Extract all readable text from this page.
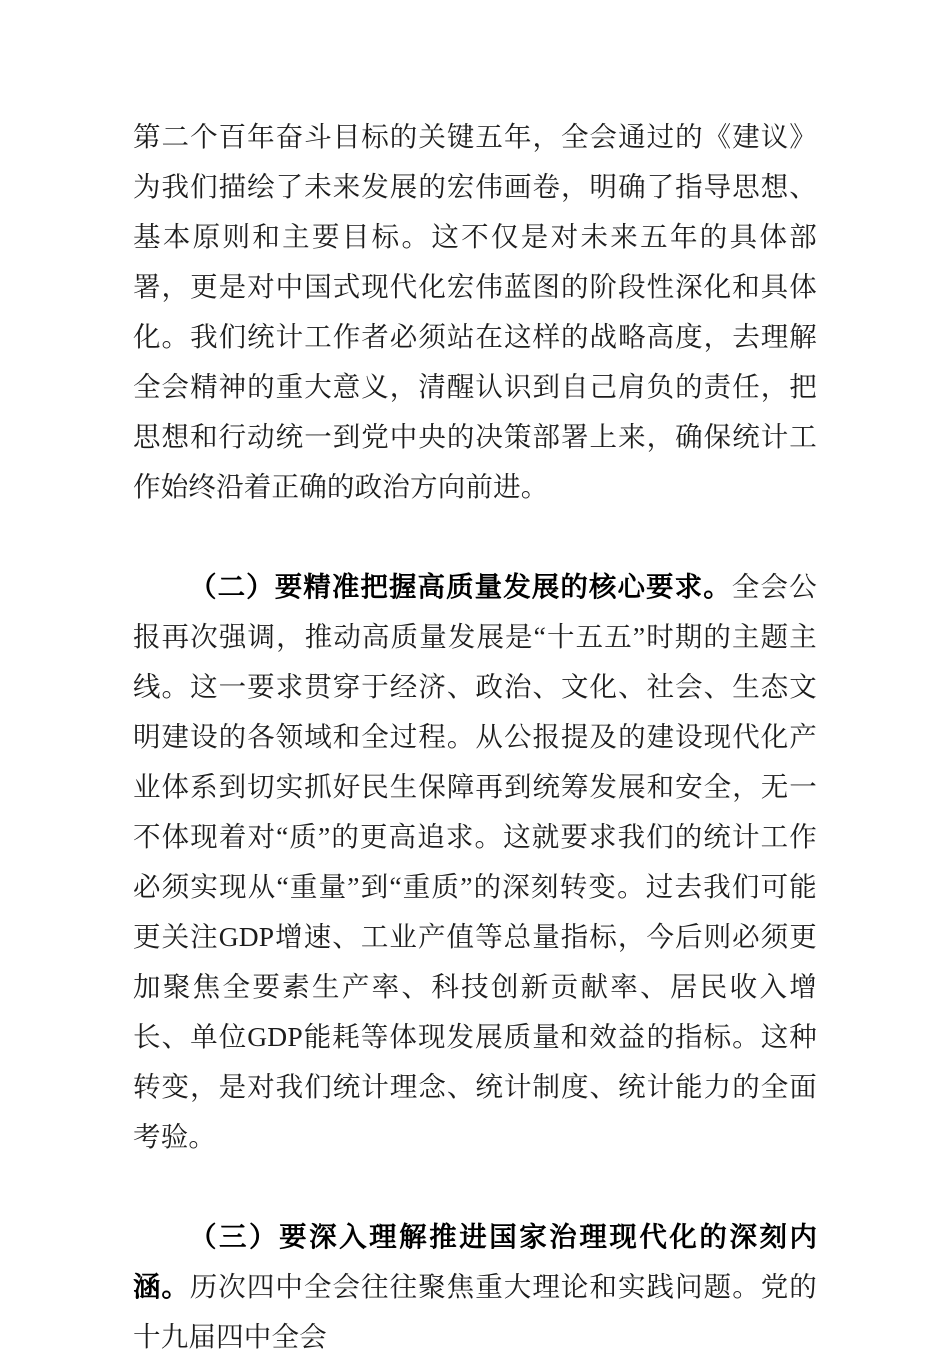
第二个百年奋斗目标的关键五年，全会通过的《建议》为我们描绘了未来发展的宏伟画卷，明确了指导思想、基本原则和主要目标。这不仅是对未来五年的具体部署，更是对中国式现代化宏伟蓝图的阶段性深化和具体化。我们统计工作者必须站在这样的战略高度，去理解全会精神的重大意义，清醒认识到自己肩负的责任，把思想和行动统一到党中央的决策部署上来，确保统计工作始终沿着正确的政治方向前进。

（二）要精准把握高质量发展的核心要求。全会公报再次强调，推动高质量发展是“十五五”时期的主题主线。这一要求贯穿于经济、政治、文化、社会、生态文明建设的各领域和全过程。从公报提及的建设现代化产业体系到切实抓好民生保障再到统筹发展和安全，无一不体现着对“质”的更高追求。这就要求我们的统计工作必须实现从“重量”到“重质”的深刻转变。过去我们可能更关注GDP增速、工业产值等总量指标，今后则必须更加聚焦全要素生产率、科技创新贡献率、居民收入增长、单位GDP能耗等体现发展质量和效益的指标。这种转变，是对我们统计理念、统计制度、统计能力的全面考验。

（三）要深入理解推进国家治理现代化的深刻内涵。历次四中全会往往聚焦重大理论和实践问题。党的十九届四中全会
